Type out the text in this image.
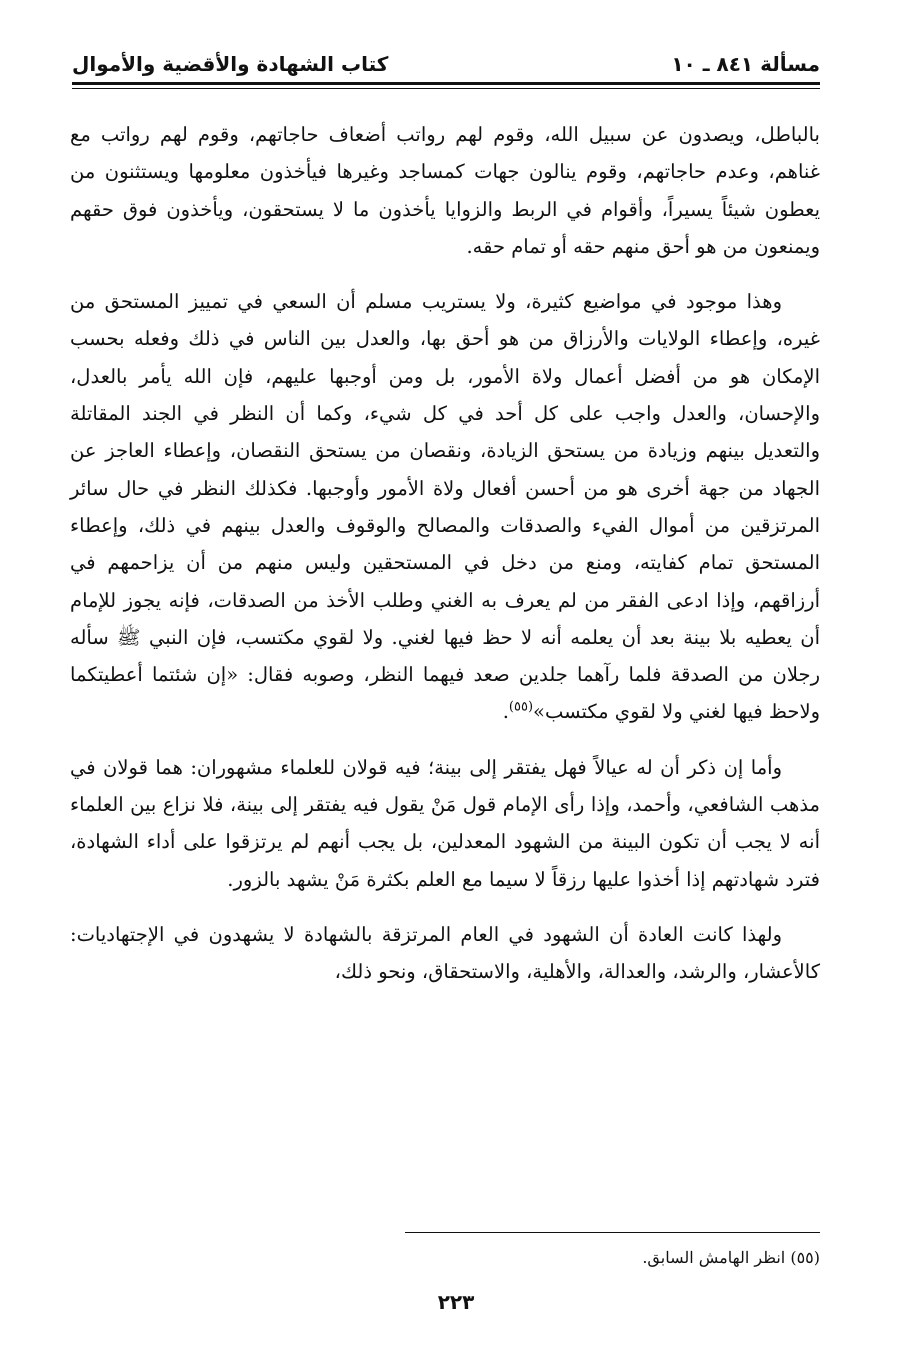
مسألة ٨٤١ ـ ١٠
كتاب الشهادة والأقضية والأموال

بالباطل، ويصدون عن سبيل الله، وقوم لهم رواتب أضعاف حاجاتهم، وقوم لهم رواتب مع غناهم، وعدم حاجاتهم، وقوم ينالون جهات كمساجد وغيرها فيأخذون معلومها ويستثنون من يعطون شيئاً يسيراً، وأقوام في الربط والزوايا يأخذون ما لا يستحقون، ويأخذون فوق حقهم ويمنعون من هو أحق منهم حقه أو تمام حقه.

وهذا موجود في مواضيع كثيرة، ولا يستريب مسلم أن السعي في تمييز المستحق من غيره، وإعطاء الولايات والأرزاق من هو أحق بها، والعدل بين الناس في ذلك وفعله بحسب الإمكان هو من أفضل أعمال ولاة الأمور، بل ومن أوجبها عليهم، فإن الله يأمر بالعدل، والإحسان، والعدل واجب على كل أحد في كل شيء، وكما أن النظر في الجند المقاتلة والتعديل بينهم وزيادة من يستحق الزيادة، ونقصان من يستحق النقصان، وإعطاء العاجز عن الجهاد من جهة أخرى هو من أحسن أفعال ولاة الأمور وأوجبها. فكذلك النظر في حال سائر المرتزقين من أموال الفيء والصدقات والمصالح والوقوف والعدل بينهم في ذلك، وإعطاء المستحق تمام كفايته، ومنع من دخل في المستحقين وليس منهم من أن يزاحمهم في أرزاقهم، وإذا ادعى الفقر من لم يعرف به الغني وطلب الأخذ من الصدقات، فإنه يجوز للإمام أن يعطيه بلا بينة بعد أن يعلمه أنه لا حظ فيها لغني. ولا لقوي مكتسب، فإن النبي ﷺ سأله رجلان من الصدقة فلما رآهما جلدين صعد فيهما النظر، وصوبه فقال: «إن شئتما أعطيتكما ولاحظ فيها لغني ولا لقوي مكتسب»$^{(٥٥)}$.

وأما إن ذكر أن له عيالاً فهل يفتقر إلى بينة؛ فيه قولان للعلماء مشهوران: هما قولان في مذهب الشافعي، وأحمد، وإذا رأى الإمام قول مَنْ يقول فيه يفتقر إلى بينة، فلا نزاع بين العلماء أنه لا يجب أن تكون البينة من الشهود المعدلين، بل يجب أنهم لم يرتزقوا على أداء الشهادة، فترد شهادتهم إذا أخذوا عليها رزقاً لا سيما مع العلم بكثرة مَنْ يشهد بالزور.

ولهذا كانت العادة أن الشهود في العام المرتزقة بالشهادة لا يشهدون في الإجتهاديات: كالأعشار، والرشد، والعدالة، والأهلية، والاستحقاق، ونحو ذلك،

(٥٥) انظر الهامش السابق.
٢٢٣
